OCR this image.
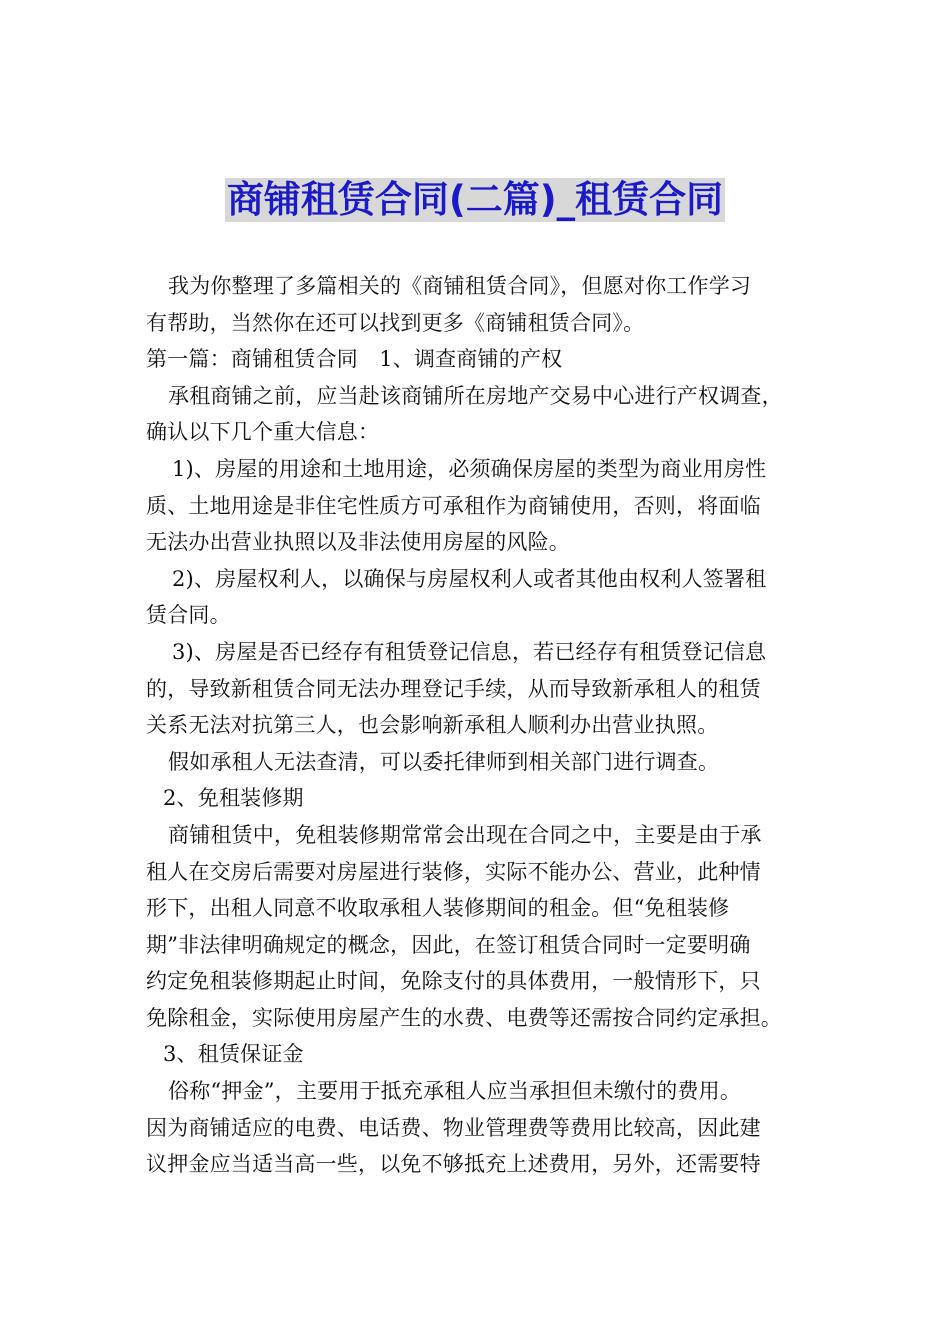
商铺租赁合同(二篇)_租赁合同
我为你整理了多篇相关的《商铺租赁合同》，但愿对你工作学习
有帮助，当然你在还可以找到更多《商铺租赁合同》。
第一篇：商铺租赁合同　1、调查商铺的产权
承租商铺之前，应当赴该商铺所在房地产交易中心进行产权调查，
确认以下几个重大信息：
1)、房屋的用途和土地用途，必须确保房屋的类型为商业用房性
质、土地用途是非住宅性质方可承租作为商铺使用，否则，将面临
无法办出营业执照以及非法使用房屋的风险。
2)、房屋权利人，以确保与房屋权利人或者其他由权利人签署租
赁合同。
3)、房屋是否已经存有租赁登记信息，若已经存有租赁登记信息
的，导致新租赁合同无法办理登记手续，从而导致新承租人的租赁
关系无法对抗第三人，也会影响新承租人顺利办出营业执照。
假如承租人无法查清，可以委托律师到相关部门进行调查。
2、免租装修期
商铺租赁中，免租装修期常常会出现在合同之中，主要是由于承
租人在交房后需要对房屋进行装修，实际不能办公、营业，此种情
形下，出租人同意不收取承租人装修期间的租金。但“免租装修
期”非法律明确规定的概念，因此，在签订租赁合同时一定要明确
约定免租装修期起止时间，免除支付的具体费用，一般情形下，只
免除租金，实际使用房屋产生的水费、电费等还需按合同约定承担。
3、租赁保证金
俗称“押金”，主要用于抵充承租人应当承担但未缴付的费用。
因为商铺适应的电费、电话费、物业管理费等费用比较高，因此建
议押金应当适当高一些，以免不够抵充上述费用，另外，还需要特
